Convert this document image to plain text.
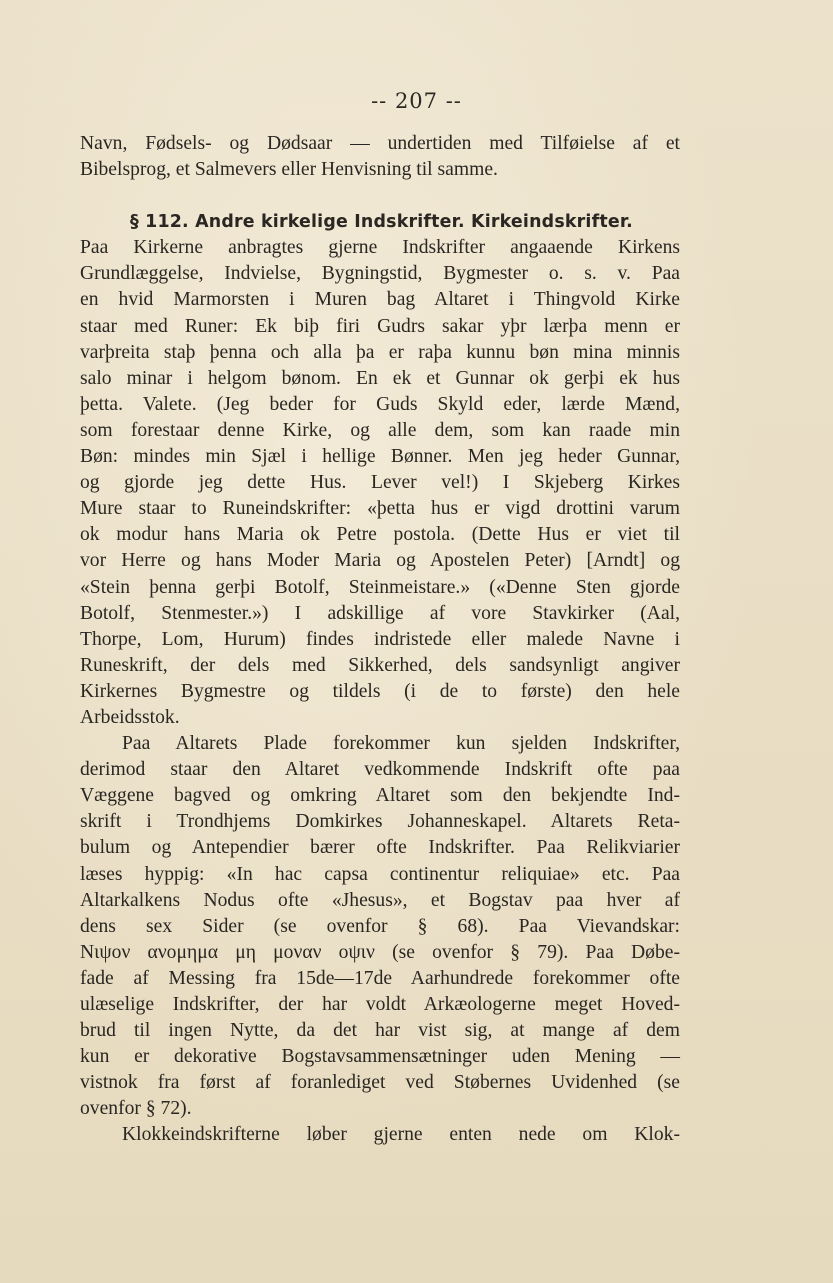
-- 207 --
Navn, Fødsels- og Dødsaar — undertiden med Tilføielse af et
Bibelsprog, et Salmevers eller Henvisning til samme.
§ 112. Andre kirkelige Indskrifter. Kirkeindskrifter.
Paa Kirkerne anbragtes gjerne Indskrifter angaaende Kirkens
Grundlæggelse, Indvielse, Bygningstid, Bygmester o. s. v. Paa
en hvid Marmorsten i Muren bag Altaret i Thingvold Kirke
staar med Runer: Ek biþ firi Gudrs sakar yþr lærþa menn er
varþreita staþ þenna och alla þa er raþa kunnu bøn mina minnis
salo minar i helgom bønom. En ek et Gunnar ok gerþi ek hus
þetta. Valete. (Jeg beder for Guds Skyld eder, lærde Mænd,
som forestaar denne Kirke, og alle dem, som kan raade min
Bøn: mindes min Sjæl i hellige Bønner. Men jeg heder Gunnar,
og gjorde jeg dette Hus. Lever vel!) I Skjeberg Kirkes
Mure staar to Runeindskrifter: «þetta hus er vigd drottini varum
ok modur hans Maria ok Petre postola. (Dette Hus er viet til
vor Herre og hans Moder Maria og Apostelen Peter) [Arndt] og
«Stein þenna gerþi Botolf, Steinmeistare.» («Denne Sten gjorde
Botolf, Stenmester.») I adskillige af vore Stavkirker (Aal,
Thorpe, Lom, Hurum) findes indristede eller malede Navne i
Runeskrift, der dels med Sikkerhed, dels sandsynligt angiver
Kirkernes Bygmestre og tildels (i de to første) den hele
Arbeidsstok.
Paa Altarets Plade forekommer kun sjelden Indskrifter,
derimod staar den Altaret vedkommende Indskrift ofte paa
Væggene bagved og omkring Altaret som den bekjendte Ind-
skrift i Trondhjems Domkirkes Johanneskapel. Altarets Reta-
bulum og Antependier bærer ofte Indskrifter. Paa Relikviarier
læses hyppig: «In hac capsa continentur reliquiae» etc. Paa
Altarkalkens Nodus ofte «Jhesus», et Bogstav paa hver af
dens sex Sider (se ovenfor § 68). Paa Vievandskar:
Νιψον ανομημα μη μοναν οψιν (se ovenfor § 79). Paa Døbe-
fade af Messing fra 15de—17de Aarhundrede forekommer ofte
ulæselige Indskrifter, der har voldt Arkæologerne meget Hoved-
brud til ingen Nytte, da det har vist sig, at mange af dem
kun er dekorative Bogstavsammensætninger uden Mening —
vistnok fra først af foranlediget ved Støbernes Uvidenhed (se
ovenfor § 72).
Klokkeindskrifterne løber gjerne enten nede om Klok-
